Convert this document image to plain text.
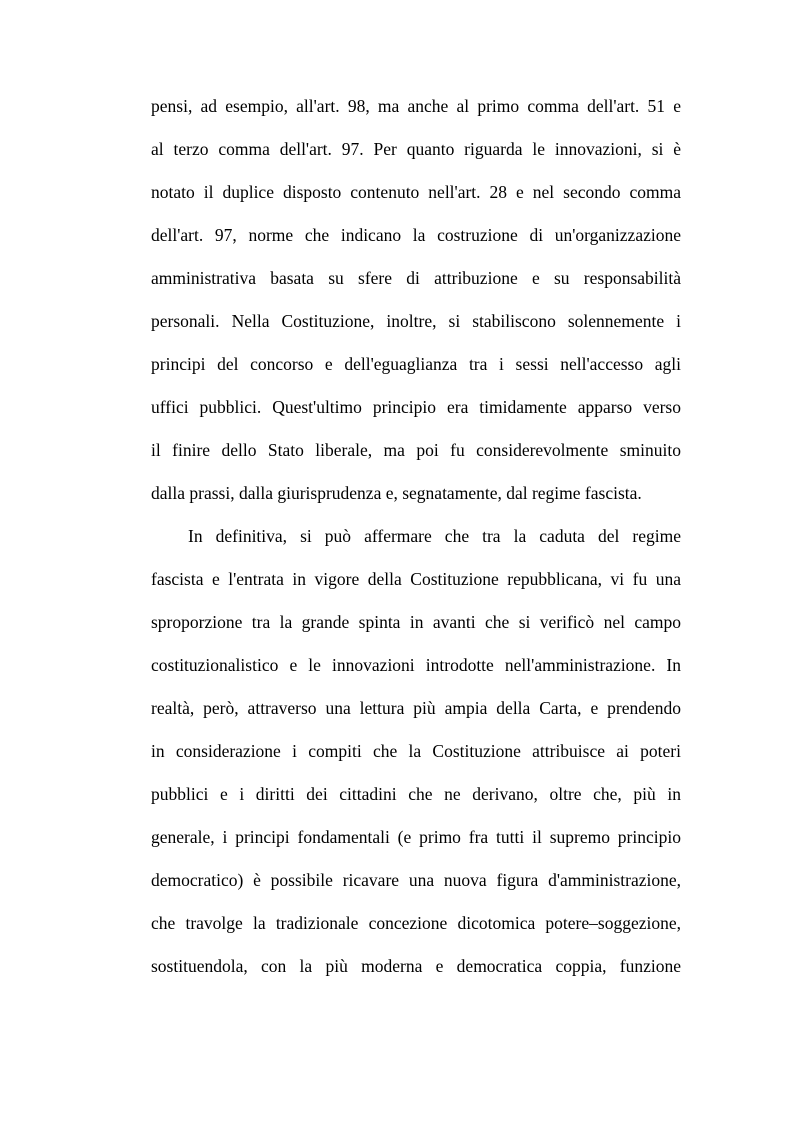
pensi, ad esempio, all'art. 98, ma anche al primo comma dell'art. 51 e
al terzo comma dell'art. 97. Per quanto riguarda le innovazioni, si è
notato il duplice disposto contenuto nell'art. 28 e nel secondo comma
dell'art. 97, norme che indicano la costruzione di un'organizzazione
amministrativa basata su sfere di attribuzione e su responsabilità
personali. Nella Costituzione, inoltre, si stabiliscono solennemente i
principi del concorso e dell'eguaglianza tra i sessi nell'accesso agli
uffici pubblici. Quest'ultimo principio era timidamente apparso verso
il finire dello Stato liberale, ma poi fu considerevolmente sminuito
dalla prassi, dalla giurisprudenza e, segnatamente, dal regime fascista.
In definitiva, si può affermare che tra la caduta del regime
fascista e l'entrata in vigore della Costituzione repubblicana, vi fu una
sproporzione tra la grande spinta in avanti che si verificò nel campo
costituzionalistico e le innovazioni introdotte nell'amministrazione. In
realtà, però, attraverso una lettura più ampia della Carta, e prendendo
in considerazione i compiti che la Costituzione attribuisce ai poteri
pubblici e i diritti dei cittadini che ne derivano, oltre che, più in
generale, i principi fondamentali (e primo fra tutti il supremo principio
democratico) è possibile ricavare una nuova figura d'amministrazione,
che travolge la tradizionale concezione dicotomica potere–soggezione,
sostituendola, con la più moderna e democratica coppia, funzione
